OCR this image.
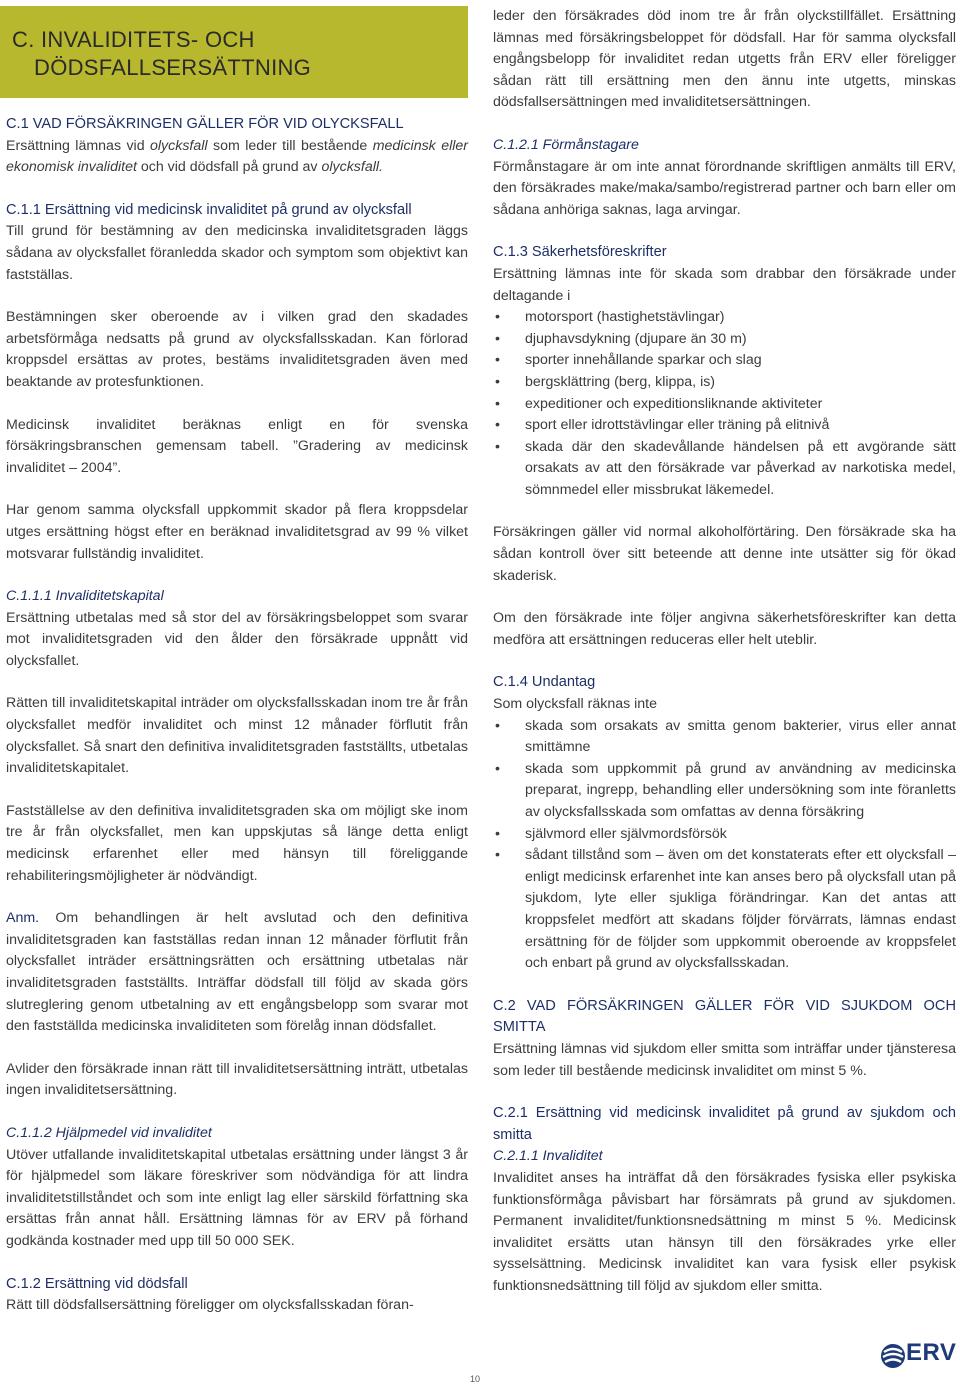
C. INVALIDITETS- OCH
DÖDSFALLSERSÄTTNING
C.1 VAD FÖRSÄKRINGEN GÄLLER FÖR VID OLYCKSFALL

Ersättning lämnas vid olycksfall som leder till bestående medicinsk eller ekonomisk invaliditet och vid dödsfall på grund av olycksfall.

C.1.1 Ersättning vid medicinsk invaliditet på grund av olycksfall

Till grund för bestämning av den medicinska invaliditetsgraden läggs sådana av olycksfallet föranledda skador och symptom som objektivt kan fastställas.

Bestämningen sker oberoende av i vilken grad den skadades arbetsförmåga nedsatts på grund av olycksfallsskadan. Kan förlorad kroppsdel ersättas av protes, bestäms invaliditetsgraden även med beaktande av protesfunktionen.

Medicinsk invaliditet beräknas enligt en för svenska försäkringsbranschen gemensam tabell. ”Gradering av medicinsk invaliditet – 2004”.

Har genom samma olycksfall uppkommit skador på flera kroppsdelar utges ersättning högst efter en beräknad invaliditetsgrad av 99 % vilket motsvarar fullständig invaliditet.

C.1.1.1 Invaliditetskapital

Ersättning utbetalas med så stor del av försäkringsbeloppet som svarar mot invaliditetsgraden vid den ålder den försäkrade uppnått vid olycksfallet.

Rätten till invaliditetskapital inträder om olycksfallsskadan inom tre år från olycksfallet medför invaliditet och minst 12 månader förflutit från olycksfallet. Så snart den definitiva invaliditetsgraden fastställts, utbetalas invaliditetskapitalet.

Fastställelse av den definitiva invaliditetsgraden ska om möjligt ske inom tre år från olycksfallet, men kan uppskjutas så länge detta enligt medicinsk erfarenhet eller med hänsyn till föreliggande rehabiliteringsmöjligheter är nödvändigt.

Anm. Om behandlingen är helt avslutad och den definitiva invaliditetsgraden kan fastställas redan innan 12 månader förflutit från olycksfallet inträder ersättningsrätten och ersättning utbetalas när invaliditetsgraden fastställts. Inträffar dödsfall till följd av skada görs slutreglering genom utbetalning av ett engångsbelopp som svarar mot den fastställda medicinska invaliditeten som förelåg innan dödsfallet.

Avlider den försäkrade innan rätt till invaliditetsersättning inträtt, utbetalas ingen invaliditetsersättning.

C.1.1.2 Hjälpmedel vid invaliditet

Utöver utfallande invaliditetskapital utbetalas ersättning under längst 3 år för hjälpmedel som läkare föreskriver som nödvändiga för att lindra invaliditetstillståndet och som inte enligt lag eller särskild författning ska ersättas från annat håll. Ersättning lämnas för av ERV på förhand godkända kostnader med upp till 50 000 SEK.

C.1.2 Ersättning vid dödsfall

Rätt till dödsfallsersättning föreligger om olycksfallsskadan föran-

leder den försäkrades död inom tre år från olyckstillfället. Ersättning lämnas med försäkringsbeloppet för dödsfall. Har för samma olycksfall engångsbelopp för invaliditet redan utgetts från ERV eller föreligger sådan rätt till ersättning men den ännu inte utgetts, minskas dödsfallsersättningen med invaliditetsersättningen.

C.1.2.1 Förmånstagare

Förmånstagare är om inte annat förordnande skriftligen anmälts till ERV, den försäkrades make/maka/sambo/registrerad partner och barn eller om sådana anhöriga saknas, laga arvingar.

C.1.3 Säkerhetsföreskrifter

Ersättning lämnas inte för skada som drabbar den försäkrade under deltagande i

• motorsport (hastighetstävlingar)
• djuphavsdykning (djupare än 30 m)
• sporter innehållande sparkar och slag
• bergsklättring (berg, klippa, is)
• expeditioner och expeditionsliknande aktiviteter
• sport eller idrottstävlingar eller träning på elitnivå
• skada där den skadevållande händelsen på ett avgörande sätt orsakats av att den försäkrade var påverkad av narkotiska medel, sömnmedel eller missbrukat läkemedel.

Försäkringen gäller vid normal alkoholförtäring. Den försäkrade ska ha sådan kontroll över sitt beteende att denne inte utsätter sig för ökad skaderisk.

Om den försäkrade inte följer angivna säkerhetsföreskrifter kan detta medföra att ersättningen reduceras eller helt uteblir.

C.1.4 Undantag

Som olycksfall räknas inte

• skada som orsakats av smitta genom bakterier, virus eller annat smittämne
• skada som uppkommit på grund av användning av medicinska preparat, ingrepp, behandling eller undersökning som inte föranletts av olycksfallsskada som omfattas av denna försäkring
• självmord eller självmordsförsök
• sådant tillstånd som – även om det konstaterats efter ett olycksfall – enligt medicinsk erfarenhet inte kan anses bero på olycksfall utan på sjukdom, lyte eller sjukliga förändringar. Kan det antas att kroppsfelet medfört att skadans följder förvärrats, lämnas endast ersättning för de följder som uppkommit oberoende av kroppsfelet och enbart på grund av olycksfallsskadan.
C.2 VAD FÖRSÄKRINGEN GÄLLER FÖR VID SJUKDOM OCH SMITTA

Ersättning lämnas vid sjukdom eller smitta som inträffar under tjänsteresa som leder till bestående medicinsk invaliditet om minst 5 %.

C.2.1 Ersättning vid medicinsk invaliditet på grund av sjukdom och smitta
C.2.1.1 Invaliditet

Invaliditet anses ha inträffat då den försäkrades fysiska eller psykiska funktionsförmåga påvisbart har försämrats på grund av sjukdomen. Permanent invaliditet/funktionsnedsättning m minst 5 %. Medicinsk invaliditet ersätts utan hänsyn till den försäkrades yrke eller sysselsättning. Medicinsk invaliditet kan vara fysisk eller psykisk funktionsnedsättning till följd av sjukdom eller smitta.

10
ERV
